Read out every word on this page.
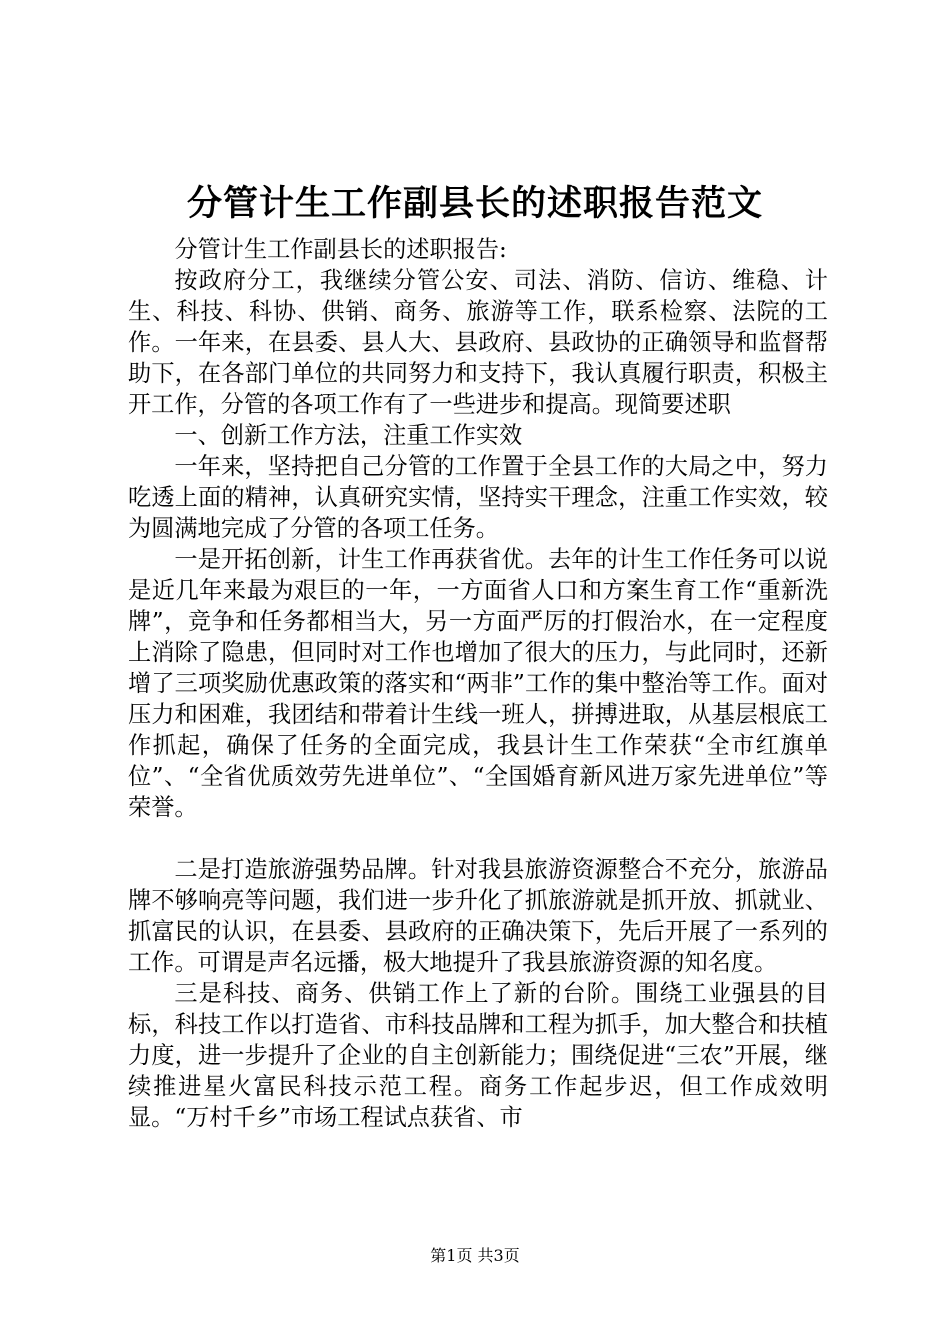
分管计生工作副县长的述职报告范文

分管计生工作副县长的述职报告:

按政府分工，我继续分管公安、司法、消防、信访、维稳、计生、科技、科协、供销、商务、旅游等工作，联系检察、法院的工作。一年来，在县委、县人大、县政府、县政协的正确领导和监督帮助下，在各部门单位的共同努力和支持下，我认真履行职责，积极主开工作，分管的各项工作有了一些进步和提高。现简要述职

一、创新工作方法，注重工作实效

一年来，坚持把自己分管的工作置于全县工作的大局之中，努力吃透上面的精神，认真研究实情，坚持实干理念，注重工作实效，较为圆满地完成了分管的各项工任务。

一是开拓创新，计生工作再获省优。去年的计生工作任务可以说是近几年来最为艰巨的一年，一方面省人口和方案生育工作“重新洗牌”，竞争和任务都相当大，另一方面严厉的打假治水，在一定程度上消除了隐患，但同时对工作也增加了很大的压力，与此同时，还新增了三项奖励优惠政策的落实和“两非”工作的集中整治等工作。面对压力和困难，我团结和带着计生线一班人，拼搏进取，从基层根底工作抓起，确保了任务的全面完成，我县计生工作荣获“全市红旗单位”、“全省优质效劳先进单位”、“全国婚育新风进万家先进单位”等荣誉。

二是打造旅游强势品牌。针对我县旅游资源整合不充分，旅游品牌不够响亮等问题，我们进一步升化了抓旅游就是抓开放、抓就业、抓富民的认识，在县委、县政府的正确决策下，先后开展了一系列的工作。可谓是声名远播，极大地提升了我县旅游资源的知名度。

三是科技、商务、供销工作上了新的台阶。围绕工业强县的目标，科技工作以打造省、市科技品牌和工程为抓手，加大整合和扶植力度，进一步提升了企业的自主创新能力；围绕促进“三农”开展，继续推进星火富民科技示范工程。商务工作起步迟，但工作成效明显。“万村千乡”市场工程试点获省、市

第1页 共3页
